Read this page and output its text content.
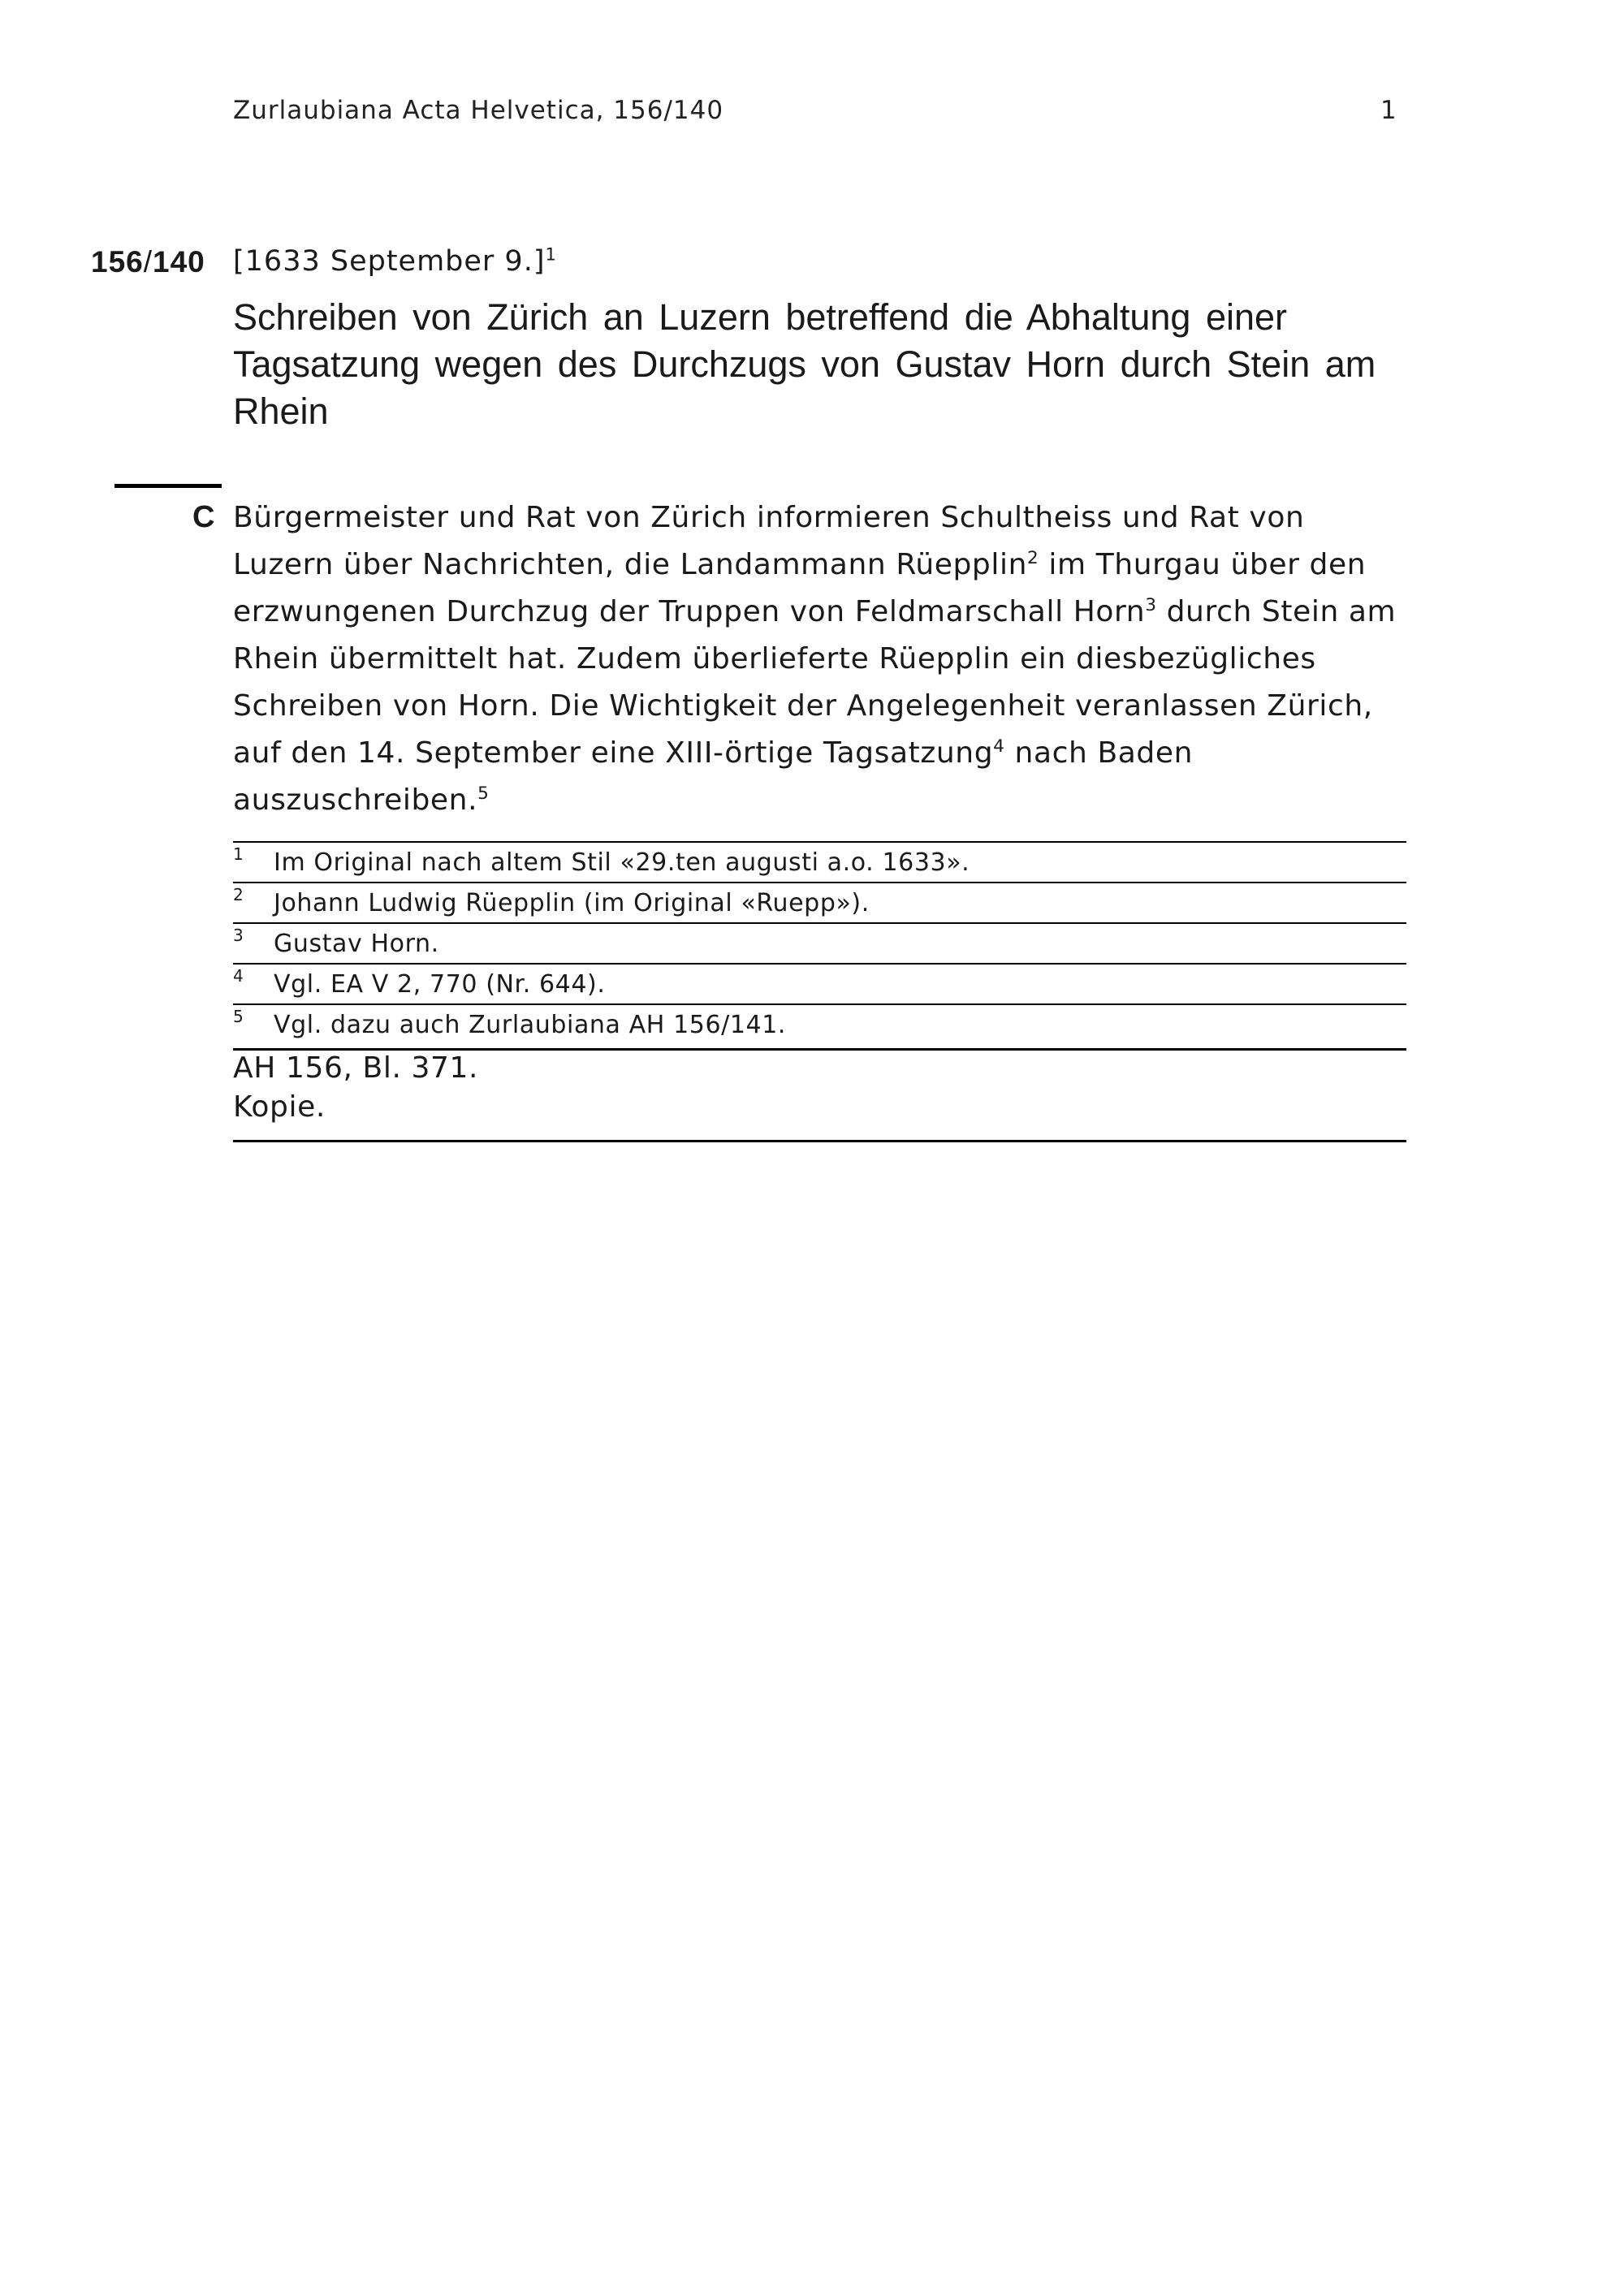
Zurlaubiana Acta Helvetica, 156/140	1
156/140 [1633 September 9.]$^1$
Schreiben von Zürich an Luzern betreffend die Abhaltung einer Tagsatzung wegen des Durchzugs von Gustav Horn durch Stein am Rhein
C Bürgermeister und Rat von Zürich informieren Schultheiss und Rat von Luzern über Nachrichten, die Landammann Rüepplin$^2$ im Thurgau über den erzwungenen Durchzug der Truppen von Feldmarschall Horn$^3$ durch Stein am Rhein übermittelt hat. Zudem überlieferte Rüepplin ein diesbezügliches Schreiben von Horn. Die Wichtigkeit der Angelegenheit veranlassen Zürich, auf den 14. September eine XIII-örtige Tagsatzung$^4$ nach Baden auszuschreiben.$^5$

1 Im Original nach altem Stil «29.ten augusti a.o. 1633».
2 Johann Ludwig Rüepplin (im Original «Ruepp»).
3 Gustav Horn.
4 Vgl. EA V 2, 770 (Nr. 644).
5 Vgl. dazu auch Zurlaubiana AH 156/141.
AH 156, Bl. 371.
Kopie.
